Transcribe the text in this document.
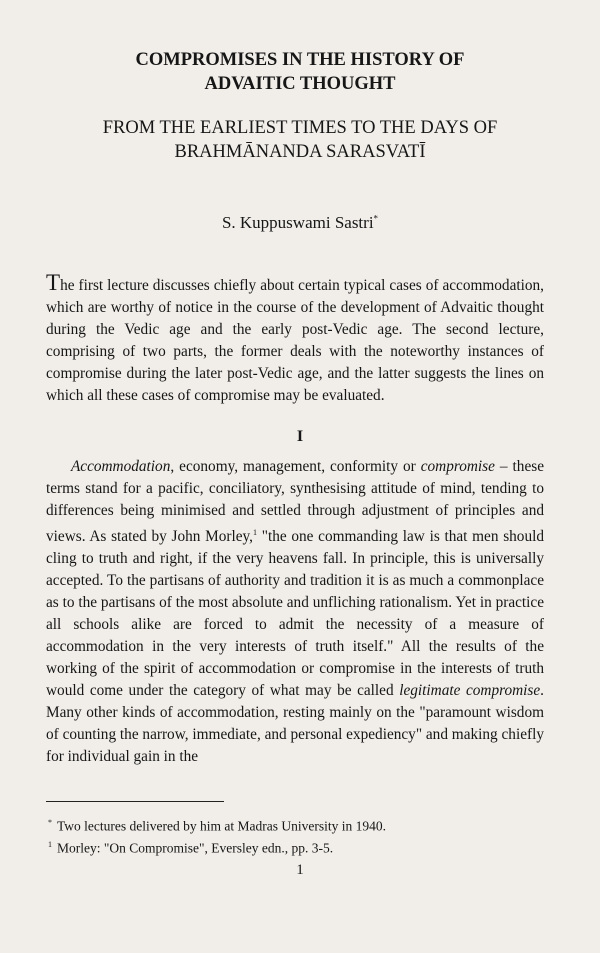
COMPROMISES IN THE HISTORY OF
ADVAITIC THOUGHT
FROM THE EARLIEST TIMES TO THE DAYS OF
BRAHMĀNANDA SARASVATĪ
S. Kuppuswami Sastri*

The first lecture discusses chiefly about certain typical cases of accommodation, which are worthy of notice in the course of the development of Advaitic thought during the Vedic age and the early post-Vedic age. The second lecture, comprising of two parts, the former deals with the noteworthy instances of compromise during the later post-Vedic age, and the latter suggests the lines on which all these cases of compromise may be evaluated.

I

Accommodation, economy, management, conformity or compromise – these terms stand for a pacific, conciliatory, synthesising attitude of mind, tending to differences being minimised and settled through adjustment of principles and views. As stated by John Morley,$^1$ "the one commanding law is that men should cling to truth and right, if the very heavens fall. In principle, this is universally accepted. To the partisans of authority and tradition it is as much a commonplace as to the partisans of the most absolute and unfliching rationalism. Yet in practice all schools alike are forced to admit the necessity of a measure of accommodation in the very interests of truth itself." All the results of the working of the spirit of accommodation or compromise in the interests of truth would come under the category of what may be called legitimate compromise. Many other kinds of accommodation, resting mainly on the "paramount wisdom of counting the narrow, immediate, and personal expediency" and making chiefly for individual gain in the

* Two lectures delivered by him at Madras University in 1940.
$^1$ Morley: "On Compromise", Eversley edn., pp. 3-5.
1
